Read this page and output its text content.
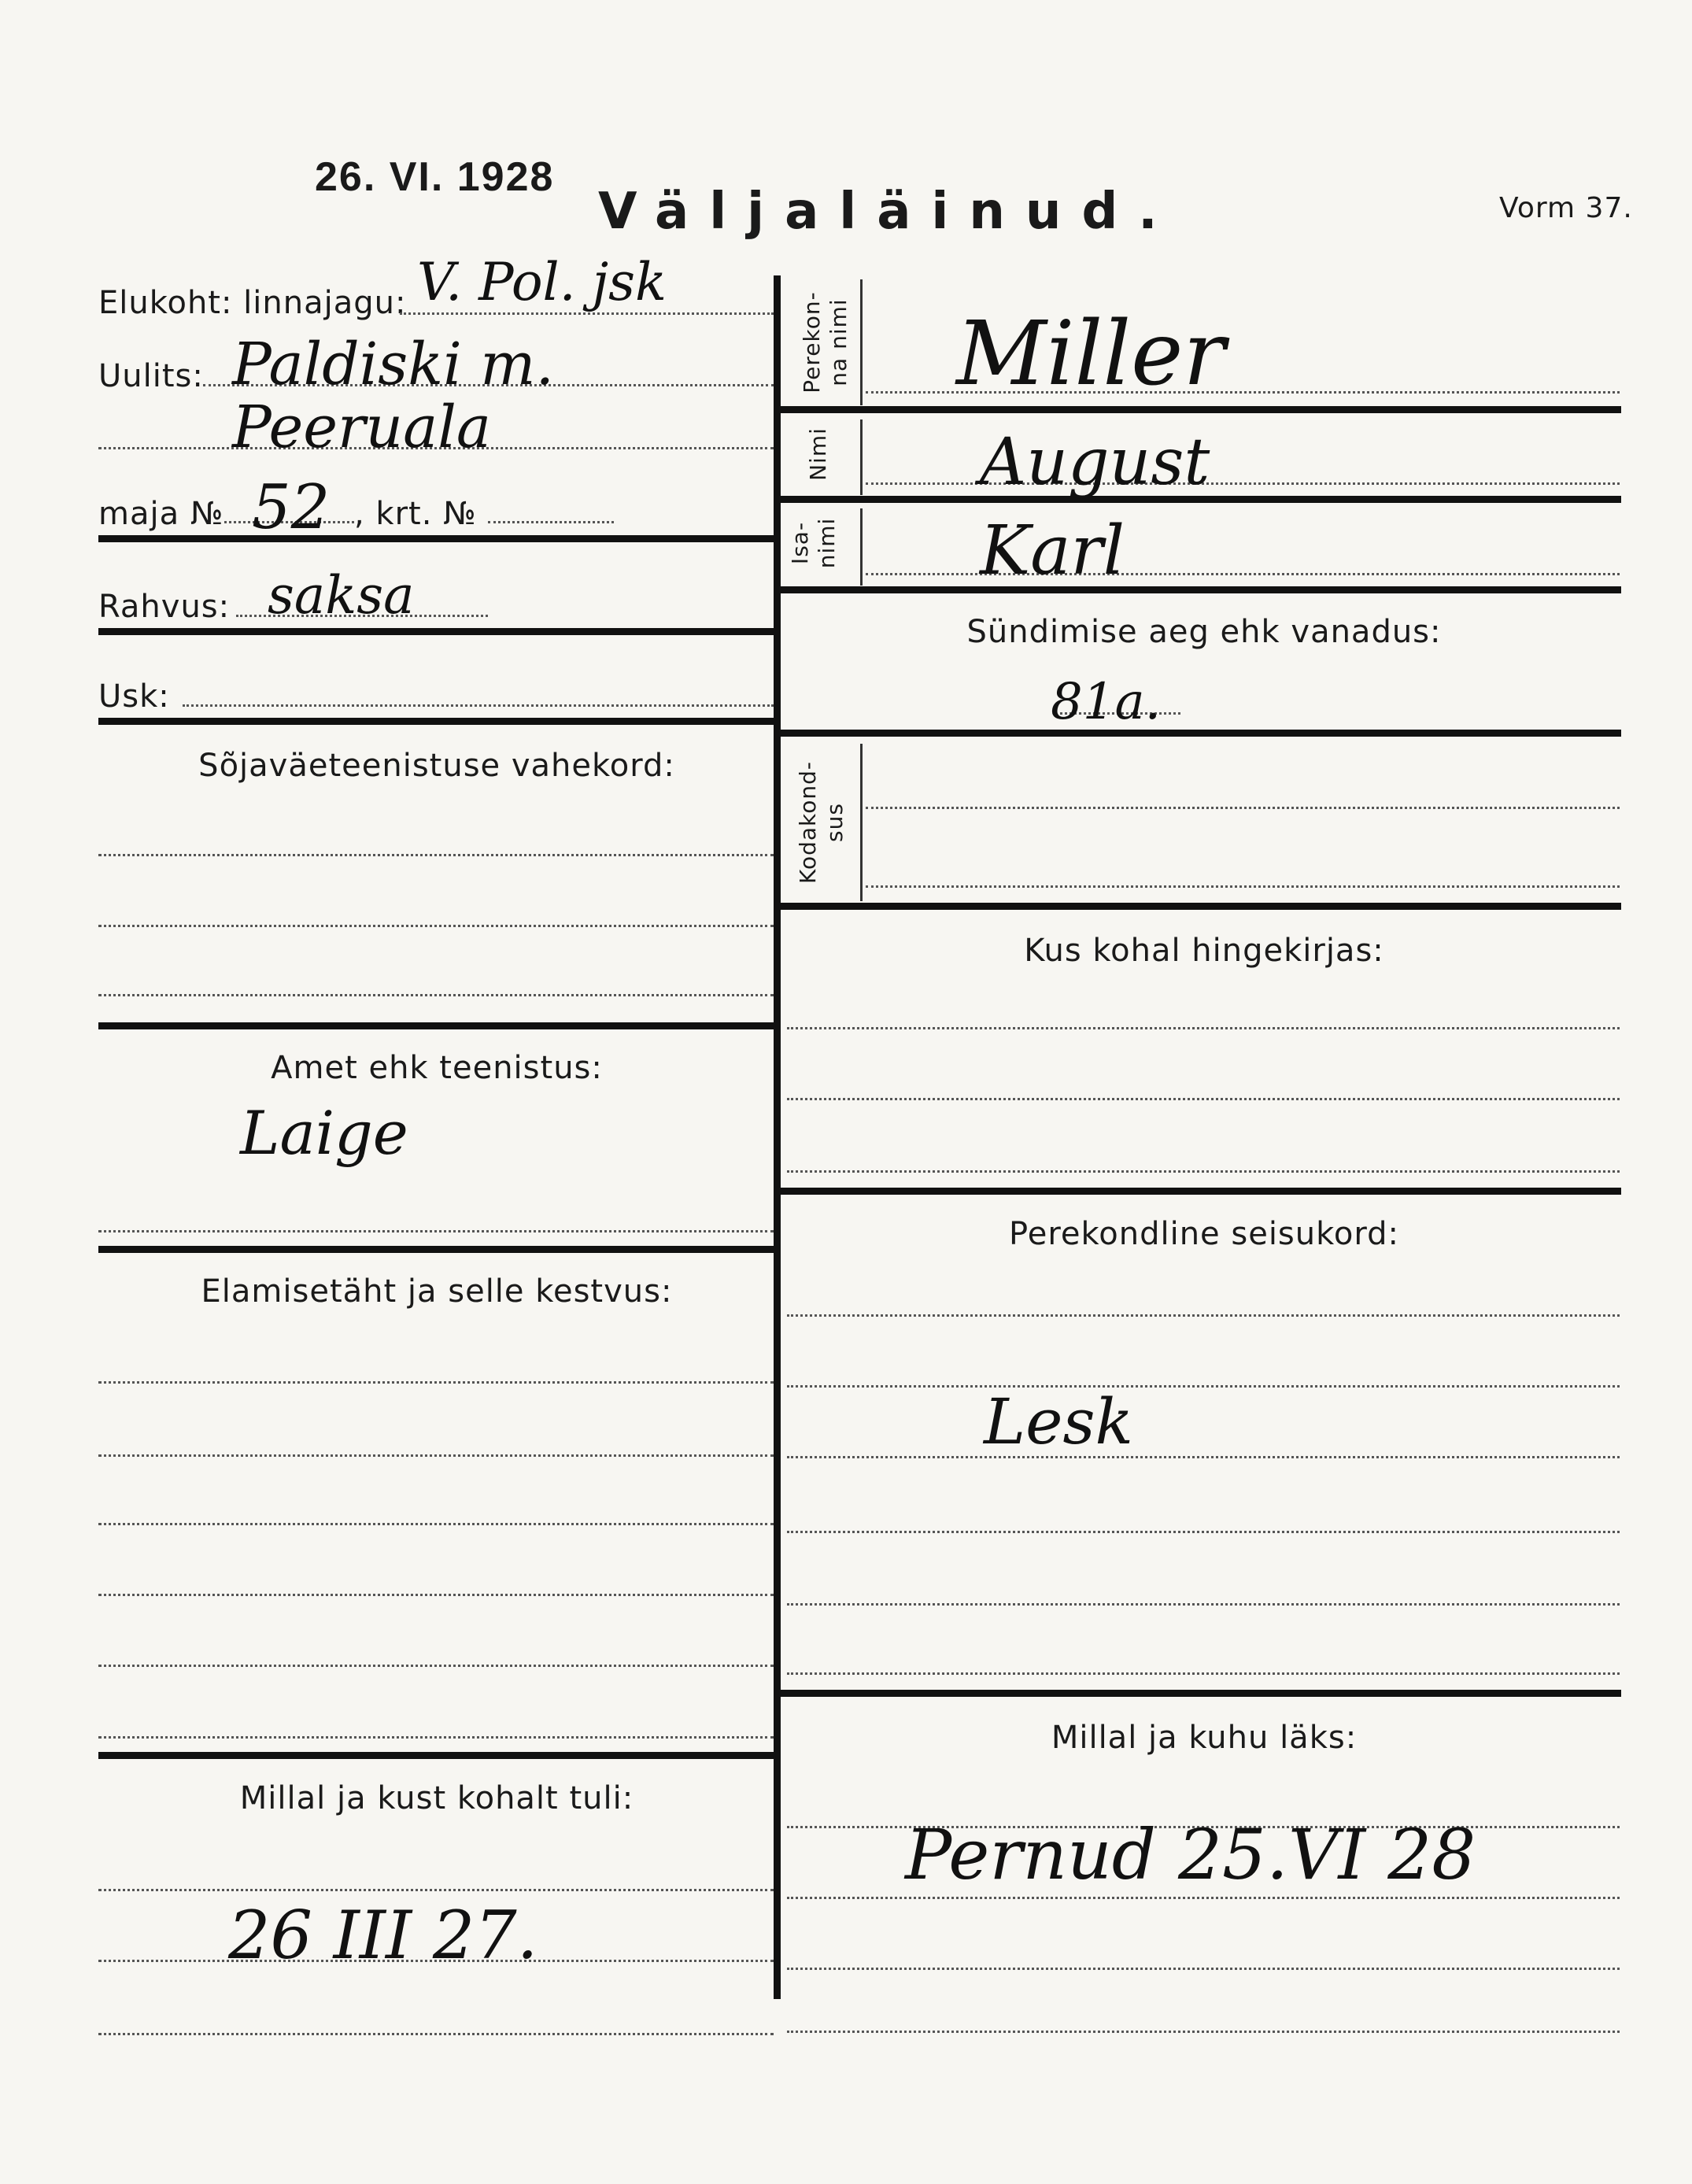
26. VI. 1928
Väljaläinud.	Vorm 37.
Elukoht: linnajagu: V. Pol. jsk
Uulits: Paldiski m.
Peeruala
maja № 52 , krt. №
Rahvus: saksa
Usk:
Sõjaväeteenistuse vahekord:
Amet ehk teenistus:
Laige
Elamisetäht ja selle kestvus:
Millal ja kust kohalt tuli:
26 III 27.
Perekon- na nimi Miller
Nimi August
Isa- nimi Karl
Sündimise aeg ehk vanadus:
81a.
Kodakond- sus
Kus kohal hingekirjas:
Perekondline seisukord:
Lesk
Millal ja kuhu läks:
Pernud 25.VI 28
